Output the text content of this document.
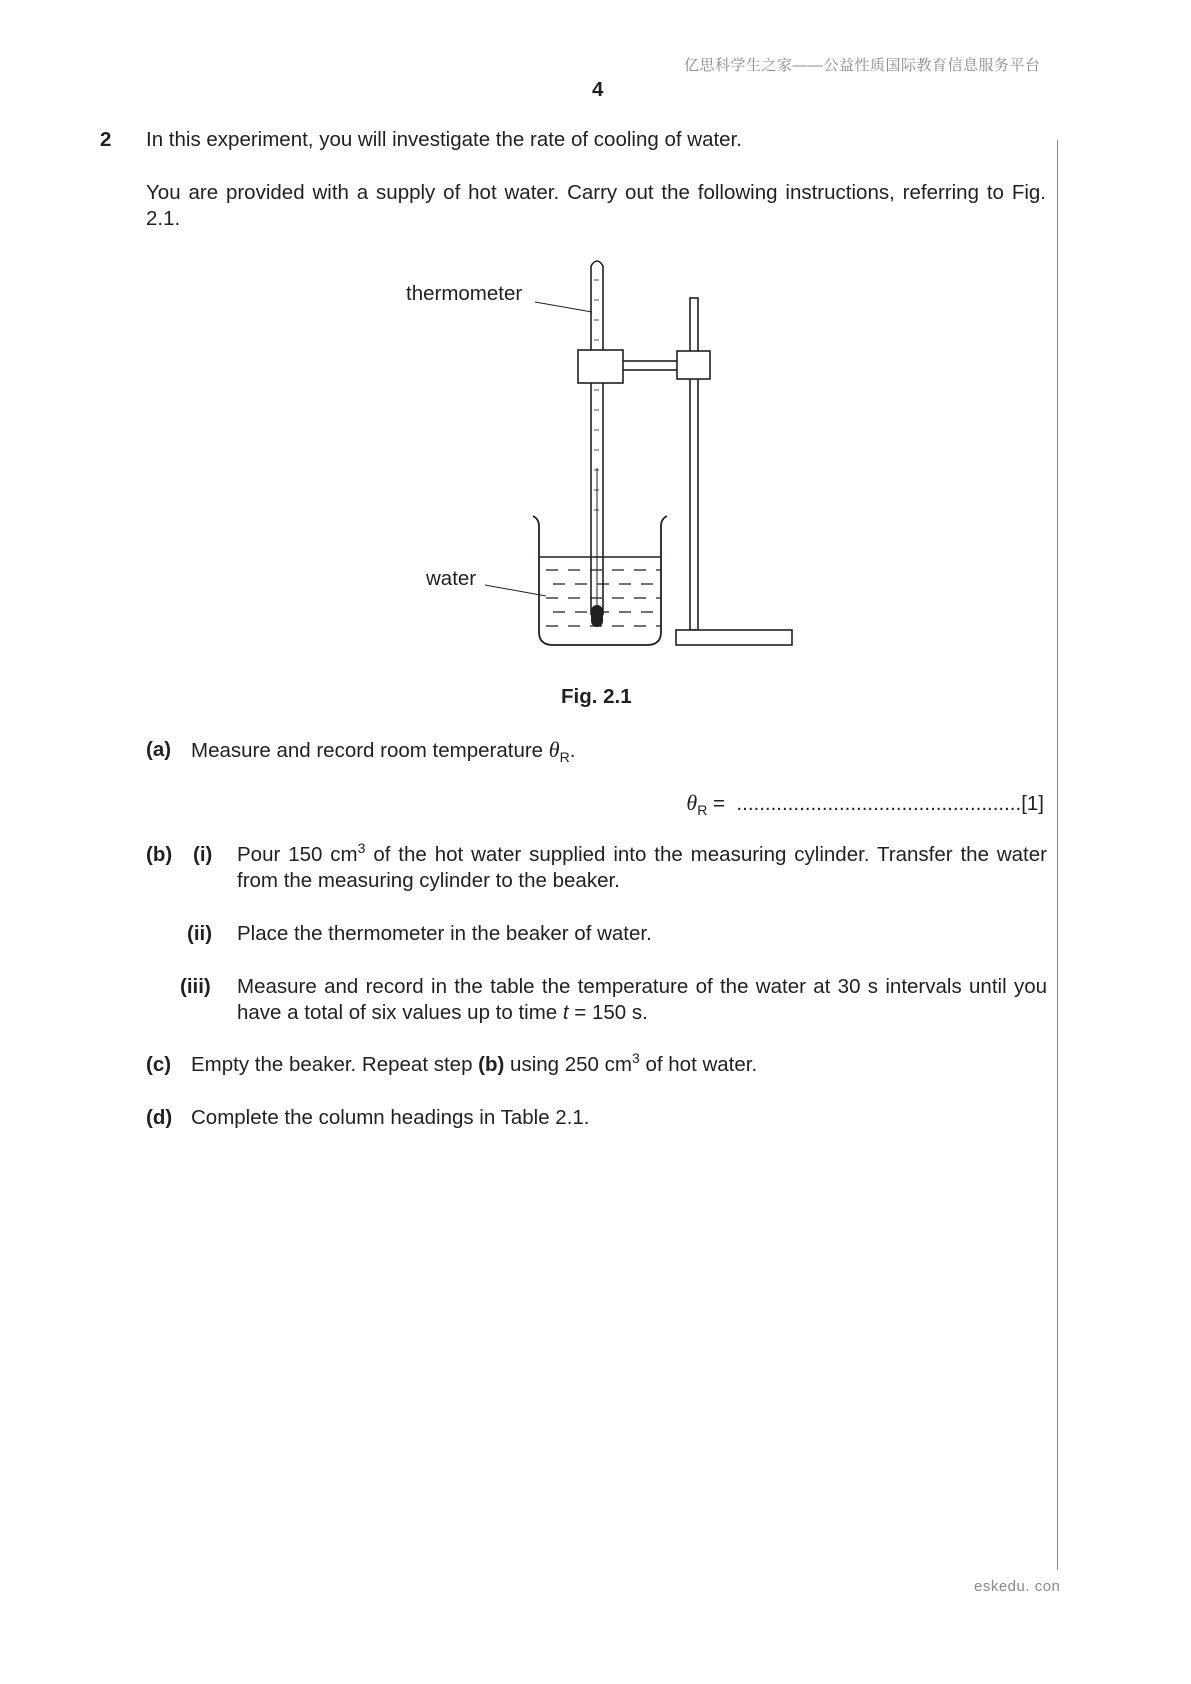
亿思科学生之家——公益性质国际教育信息服务平台
4
2 In this experiment, you will investigate the rate of cooling of water.
You are provided with a supply of hot water. Carry out the following instructions, referring to Fig. 2.1.
thermometer
water
Fig. 2.1
(a) Measure and record room temperature $\theta_R$.
$\theta_R = ..................................................[1]$
(b) (i) Pour 150 $cm^3$ of the hot water supplied into the measuring cylinder. Transfer the water from the measuring cylinder to the beaker.
(ii) Place the thermometer in the beaker of water.
(iii) Measure and record in the table the temperature of the water at 30 s intervals until you have a total of six values up to time t = 150 s.
(c) Empty the beaker. Repeat step (b) using 250 $cm^3$ of hot water.
(d) Complete the column headings in Table 2.1.
eskedu. con
